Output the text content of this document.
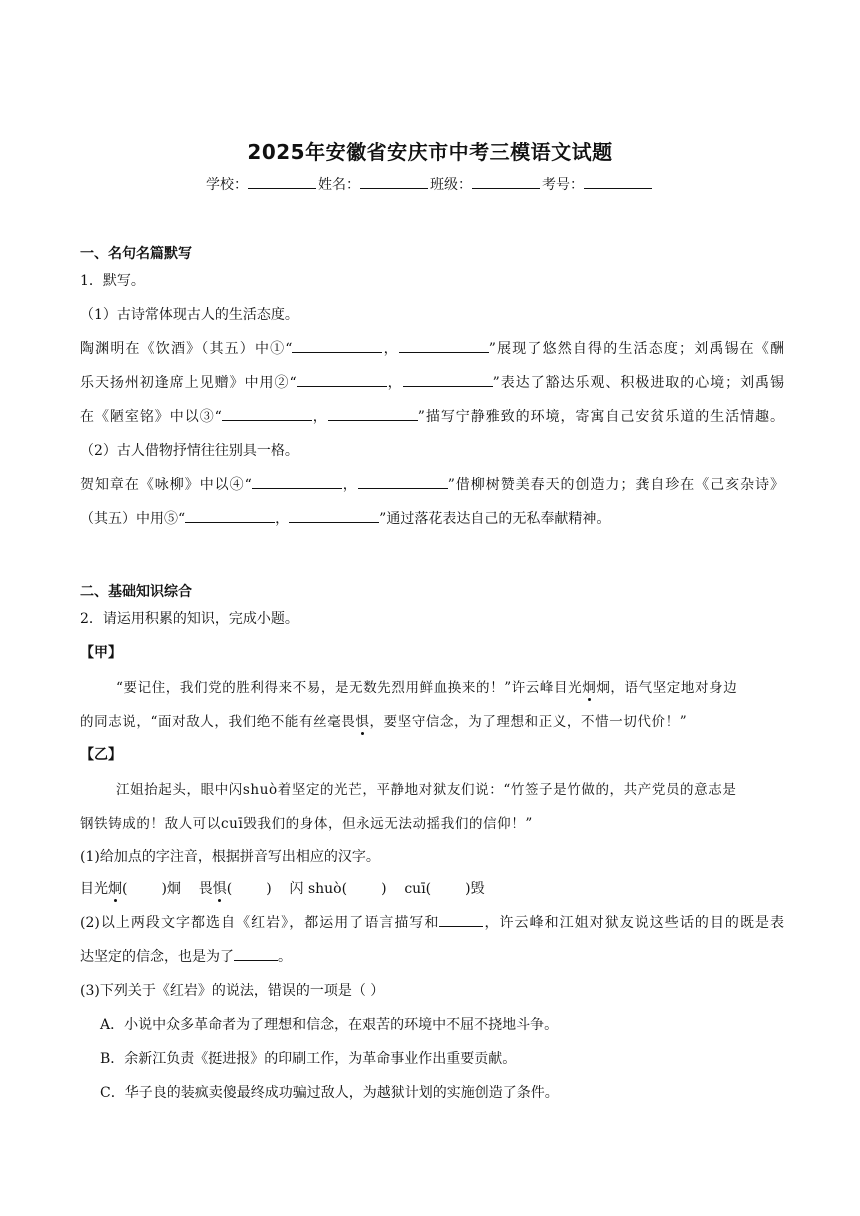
2025年安徽省安庆市中考三模语文试题
学校：	姓名：	班级：	考号：
一、名句名篇默写
1．默写。
（1）古诗常体现古人的生活态度。
陶渊明在《饮酒》（其五）中①“	，	”展现了悠然自得的生活态度；刘禹锡在《酬
乐天扬州初逢席上见赠》中用②“	，	”表达了豁达乐观、积极进取的心境；刘禹锡
在《陋室铭》中以③“	，	”描写宁静雅致的环境，寄寓自己安贫乐道的生活情趣。
（2）古人借物抒情往往别具一格。
贺知章在《咏柳》中以④“	，	”借柳树赞美春天的创造力；龚自珍在《己亥杂诗》
（其五）中用⑤“	，	”通过落花表达自己的无私奉献精神。
二、基础知识综合
2．请运用积累的知识，完成小题。
【甲】
“要记住，我们党的胜利得来不易，是无数先烈用鲜血换来的！”许云峰目光炯炯，语气坚定地对身边
的同志说，“面对敌人，我们绝不能有丝毫畏惧，要坚守信念，为了理想和正义，不惜一切代价！”
【乙】
江姐抬起头，眼中闪shuò着坚定的光芒，平静地对狱友们说：“竹签子是竹做的，共产党员的意志是
钢铁铸成的！敌人可以cuī毁我们的身体，但永远无法动摇我们的信仰！”
(1)给加点的字注音，根据拼音写出相应的汉字。
目光炯( )炯 畏惧( ) 闪 shuò( ) cuī( )毁
(2)以上两段文字都选自《红岩》，都运用了语言描写和	，许云峰和江姐对狱友说这些话的目的既是表
达坚定的信念，也是为了	。
(3)下列关于《红岩》的说法，错误的一项是（ ）
A．小说中众多革命者为了理想和信念，在艰苦的环境中不屈不挠地斗争。
B．余新江负责《挺进报》的印刷工作，为革命事业作出重要贡献。
C．华子良的装疯卖傻最终成功骗过敌人，为越狱计划的实施创造了条件。
